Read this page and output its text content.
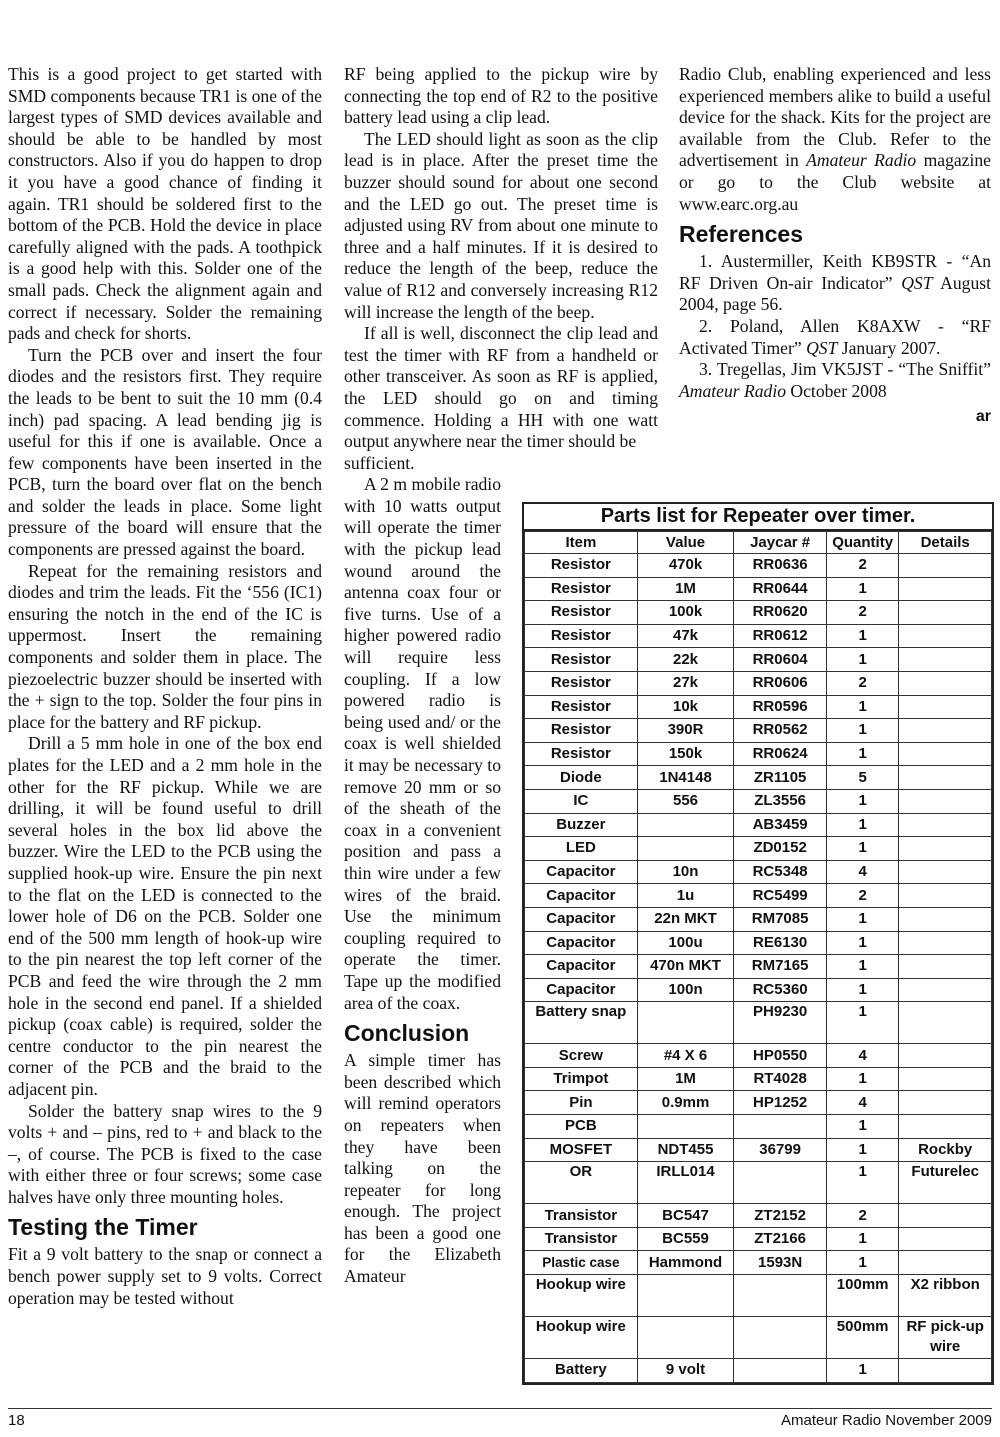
This is a good project to get started with SMD components because TR1 is one of the largest types of SMD devices available and should be able to be handled by most constructors. Also if you do happen to drop it you have a good chance of finding it again. TR1 should be soldered first to the bottom of the PCB. Hold the device in place carefully aligned with the pads. A toothpick is a good help with this. Solder one of the small pads. Check the alignment again and correct if necessary. Solder the remaining pads and check for shorts.

Turn the PCB over and insert the four diodes and the resistors first. They require the leads to be bent to suit the 10 mm (0.4 inch) pad spacing. A lead bending jig is useful for this if one is available. Once a few components have been inserted in the PCB, turn the board over flat on the bench and solder the leads in place. Some light pressure of the board will ensure that the components are pressed against the board.

Repeat for the remaining resistors and diodes and trim the leads. Fit the ‘556 (IC1) ensuring the notch in the end of the IC is uppermost. Insert the remaining components and solder them in place. The piezoelectric buzzer should be inserted with the + sign to the top. Solder the four pins in place for the battery and RF pickup.

Drill a 5 mm hole in one of the box end plates for the LED and a 2 mm hole in the other for the RF pickup. While we are drilling, it will be found useful to drill several holes in the box lid above the buzzer. Wire the LED to the PCB using the supplied hook-up wire. Ensure the pin next to the flat on the LED is connected to the lower hole of D6 on the PCB. Solder one end of the 500 mm length of hook-up wire to the pin nearest the top left corner of the PCB and feed the wire through the 2 mm hole in the second end panel. If a shielded pickup (coax cable) is required, solder the centre conductor to the pin nearest the corner of the PCB and the braid to the adjacent pin.

Solder the battery snap wires to the 9 volts + and – pins, red to + and black to the –, of course. The PCB is fixed to the case with either three or four screws; some case halves have only three mounting holes.

Testing the Timer

Fit a 9 volt battery to the snap or connect a bench power supply set to 9 volts. Correct operation may be tested without

RF being applied to the pickup wire by connecting the top end of R2 to the positive battery lead using a clip lead.

The LED should light as soon as the clip lead is in place. After the preset time the buzzer should sound for about one second and the LED go out. The preset time is adjusted using RV from about one minute to three and a half minutes. If it is desired to reduce the length of the beep, reduce the value of R12 and conversely increasing R12 will increase the length of the beep.

If all is well, disconnect the clip lead and test the timer with RF from a handheld or other transceiver. As soon as RF is applied, the LED should go on and timing commence. Holding a HH with one watt output anywhere near the timer should be

sufficient.

A 2 m mobile radio with 10 watts output will operate the timer with the pickup lead wound around the antenna coax four or five turns. Use of a higher powered radio will require less coupling. If a low powered radio is being used and/ or the coax is well shielded it may be necessary to remove 20 mm or so of the sheath of the coax in a convenient position and pass a thin wire under a few wires of the braid. Use the minimum coupling required to operate the timer. Tape up the modified area of the coax.

Conclusion

A simple timer has been described which will remind operators on repeaters when they have been talking on the repeater for long enough. The project has been a good one for the Elizabeth Amateur

Radio Club, enabling experienced and less experienced members alike to build a useful device for the shack. Kits for the project are available from the Club. Refer to the advertisement in Amateur Radio magazine or go to the Club website at www.earc.org.au

References

1. Austermiller, Keith KB9STR - “An RF Driven On-air Indicator” QST August 2004, page 56.

2. Poland, Allen K8AXW - “RF Activated Timer” QST January 2007.

3. Tregellas, Jim VK5JST - “The Sniffit” Amateur Radio October 2008

ar
Parts list for Repeater over timer.
Item	Value	Jaycar #	Quantity	Details
Resistor	470k	RR0636	2	
Resistor	1M	RR0644	1	
Resistor	100k	RR0620	2	
Resistor	47k	RR0612	1	
Resistor	22k	RR0604	1	
Resistor	27k	RR0606	2	
Resistor	10k	RR0596	1	
Resistor	390R	RR0562	1	
Resistor	150k	RR0624	1	
Diode	1N4148	ZR1105	5	
IC	556	ZL3556	1	
Buzzer		AB3459	1	
LED		ZD0152	1	
Capacitor	10n	RC5348	4	
Capacitor	1u	RC5499	2	
Capacitor	22n MKT	RM7085	1	
Capacitor	100u	RE6130	1	
Capacitor	470n MKT	RM7165	1	
Capacitor	100n	RC5360	1	
Battery snap		PH9230	1	
Screw	#4 X 6	HP0550	4	
Trimpot	1M	RT4028	1	
Pin	0.9mm	HP1252	4	
PCB			1	
MOSFET	NDT455	36799	1	Rockby
OR	IRLL014		1	Futurelec
Transistor	BC547	ZT2152	2	
Transistor	BC559	ZT2166	1	
Plastic case	Hammond	1593N	1	
Hookup wire			100mm	X2 ribbon
Hookup wire			500mm	RF pick-up wire
Battery	9 volt		1	
18	Amateur Radio November 2009
